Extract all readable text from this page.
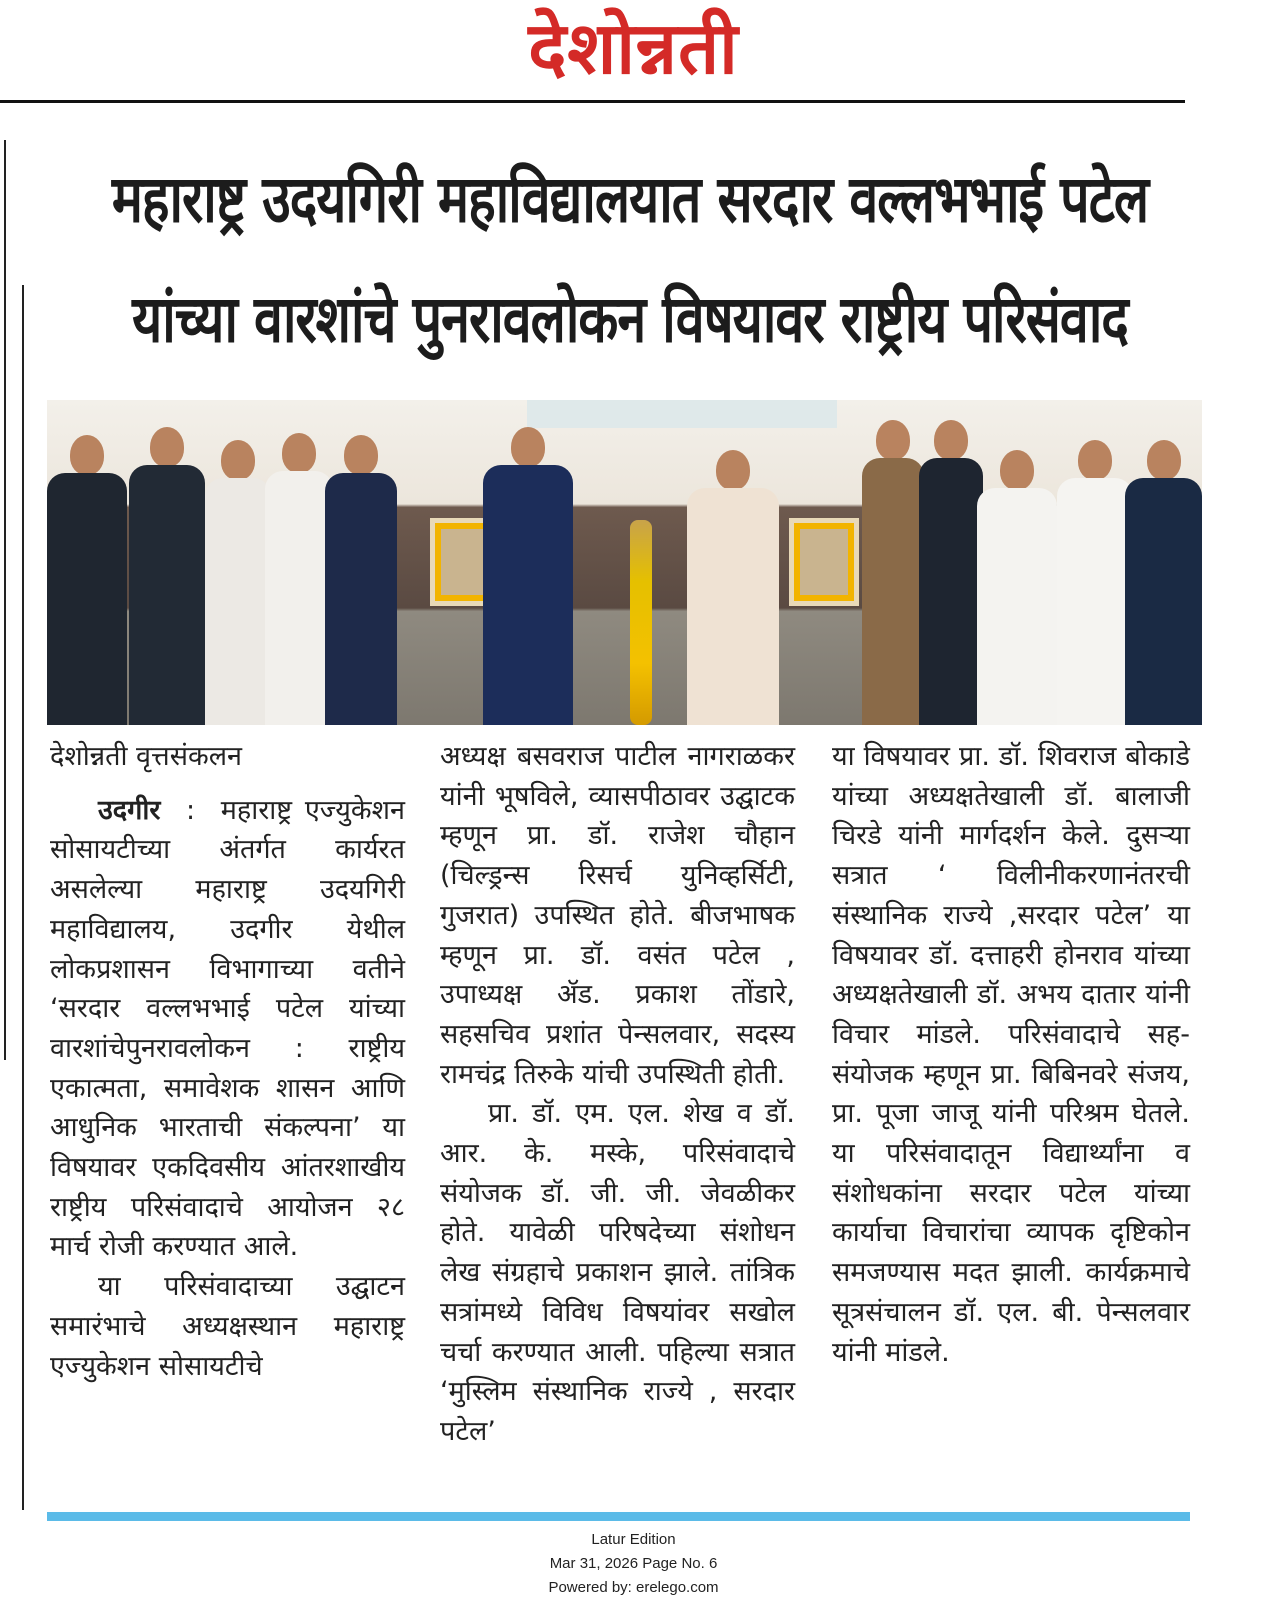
देशोन्नती
महाराष्ट्र उदयगिरी महाविद्यालयात सरदार वल्लभभाई पटेल
यांच्या वारशांचे पुनरावलोकन विषयावर राष्ट्रीय परिसंवाद

देशोन्नती वृत्तसंकलन

उदगीर  :  महाराष्ट्र एज्युकेशन सोसायटीच्या अंतर्गत कार्यरत असलेल्या महाराष्ट्र उदयगिरी महाविद्यालय, उदगीर येथील लोकप्रशासन विभागाच्या वतीने ‘सरदार वल्लभभाई पटेल यांच्या वारशांचेपुनरावलोकन : राष्ट्रीय एकात्मता, समावेशक शासन आणि आधुनिक भारताची संकल्पना’ या विषयावर एकदिवसीय आंतरशाखीय राष्ट्रीय परिसंवादाचे आयोजन २८ मार्च रोजी करण्यात आले.

या परिसंवादाच्या उद्घाटन समारंभाचे अध्यक्षस्थान महाराष्ट्र एज्युकेशन सोसायटीचे

अध्यक्ष बसवराज पाटील नागराळकर यांनी भूषविले, व्यासपीठावर उद्घाटक म्हणून प्रा. डॉ. राजेश चौहान (चिल्ड्रन्स रिसर्च युनिव्हर्सिटी, गुजरात) उपस्थित होते. बीजभाषक म्हणून प्रा. डॉ. वसंत पटेल , उपाध्यक्ष ॲड. प्रकाश तोंडारे, सहसचिव प्रशांत पेन्सलवार, सदस्य रामचंद्र तिरुके यांची उपस्थिती होती.

प्रा. डॉ. एम. एल. शेख व डॉ. आर. के. मस्के, परिसंवादाचे संयोजक डॉ. जी. जी. जेवळीकर होते. यावेळी परिषदेच्या संशोधन लेख संग्रहाचे प्रकाशन झाले. तांत्रिक सत्रांमध्ये विविध विषयांवर सखोल चर्चा करण्यात आली. पहिल्या सत्रात ‘मुस्लिम संस्थानिक राज्ये , सरदार पटेल’

या विषयावर प्रा. डॉ. शिवराज बोकाडे यांच्या अध्यक्षतेखाली डॉ. बालाजी चिरडे यांनी मार्गदर्शन केले. दुसऱ्या सत्रात ‘ विलीनीकरणानंतरची संस्थानिक राज्ये ,सरदार पटेल’ या विषयावर डॉ. दत्ताहरी होनराव यांच्या अध्यक्षतेखाली डॉ. अभय दातार यांनी विचार मांडले. परिसंवादाचे सह-संयोजक म्हणून प्रा. बिबिनवरे संजय, प्रा. पूजा जाजू यांनी परिश्रम घेतले. या परिसंवादातून विद्यार्थ्यांना व संशोधकांना सरदार पटेल यांच्या कार्याचा विचारांचा व्यापक दृष्टिकोन समजण्यास मदत झाली. कार्यक्रमाचे सूत्रसंचालन डॉ. एल. बी. पेन्सलवार यांनी मांडले.

Latur Edition
Mar 31, 2026 Page No. 6
Powered by: erelego.com
